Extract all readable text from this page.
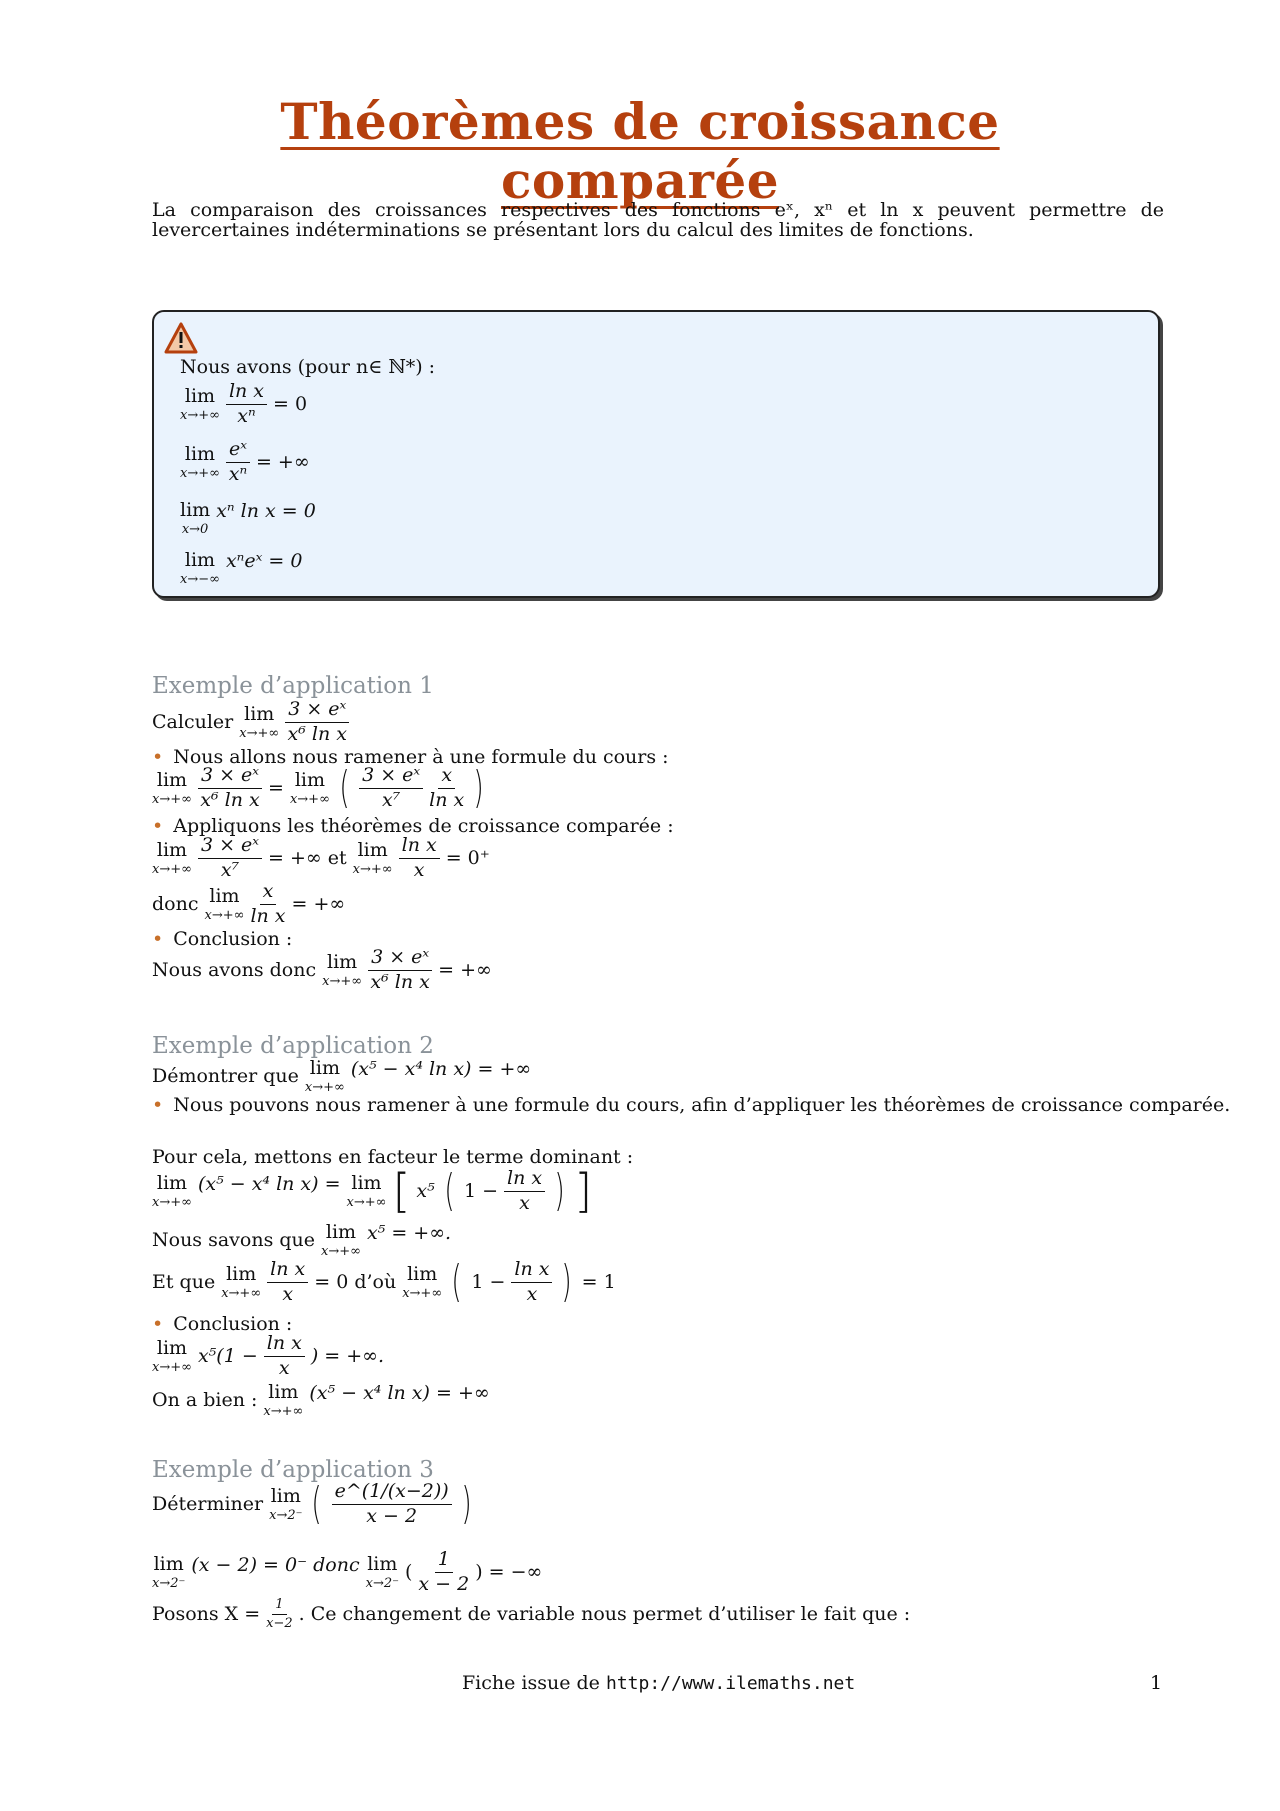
Théorèmes de croissance comparée
La comparaison des croissances respectives des fonctions eˣ, xⁿ et ln x peuvent permettre de levercertaines indéterminations se présentant lors du calcul des limites de fonctions.
Nous avons (pour n∈ ℕ*) :
lim
$x\to+\infty \frac{\text{ln x}}{\text{xⁿ}} = 0$
lim
$x\to+\infty \frac{\text{eˣ}}{\text{xⁿ}}$ = +∞
lim
x→0
xⁿ ln x = 0
lim
x→−∞
xⁿeˣ = 0
Exemple d’application 1
Calculer lim
$x\to+\infty \frac{\text{3 × eˣ}}{\text{x⁶ ln x}}$
• Nous allons nous ramener à une formule du cours :
lim
$x\to+\infty \frac{\text{3 × eˣ}}{\text{x⁶ ln x}} = \lim$
x→+∞ ( $\frac{\text{3 × eˣ}}{\text{x⁷}} \frac{x}{\text{ln x}}$ )
• Appliquons les théorèmes de croissance comparée :
lim
$x\to+\infty \frac{\text{3 × eˣ}}{\text{x⁷}}$ = +∞ et lim
$x\to+\infty \frac{\text{ln x}}{x} = 0^+$
donc lim
$x\to+\infty \frac{x}{\text{ln x}}$ = +∞
• Conclusion :
Nous avons donc lim
$x\to+\infty \frac{\text{3 × eˣ}}{\text{x⁶ ln x}}$ = +∞
Exemple d’application 2
Démontrer que lim
x→+∞
(x⁵ − x⁴ ln x) = +∞
• Nous pouvons nous ramener à une formule du cours, afin d’appliquer les théorèmes de croissance comparée.
Pour cela, mettons en facteur le terme dominant :
lim
x→+∞
(x⁵ − x⁴ ln x) = lim
x→+∞ [ x⁵ ( $1 - \frac{\text{ln x}}{x}$ ) ]
Nous savons que lim
x→+∞
x⁵ = +∞.
Et que lim
$x\to+\infty \frac{\text{ln x}}{x} = 0$ d’où lim
x→+∞ ( $1 - \frac{\text{ln x}}{x}$ ) = 1
• Conclusion :
lim
x→+∞ $x^5(1 - \frac{\text{ln x}}{x}$ ) = +∞.
On a bien : lim
x→+∞
(x⁵ − x⁴ ln x) = +∞
Exemple d’application 3
Déterminer lim
x→2⁻ ( $\frac{e\^{}(1/(x-2))}{x - 2}$ )
lim
x→2⁻
(x − 2) = 0⁻ donc lim
x→2⁻ ( $\frac{1}{x - 2}$ ) = −∞
Posons $X = \frac{1}{x-2}$ . Ce changement de variable nous permet d’utiliser le fait que :
Fiche issue de http://www.ilemaths.net	1
